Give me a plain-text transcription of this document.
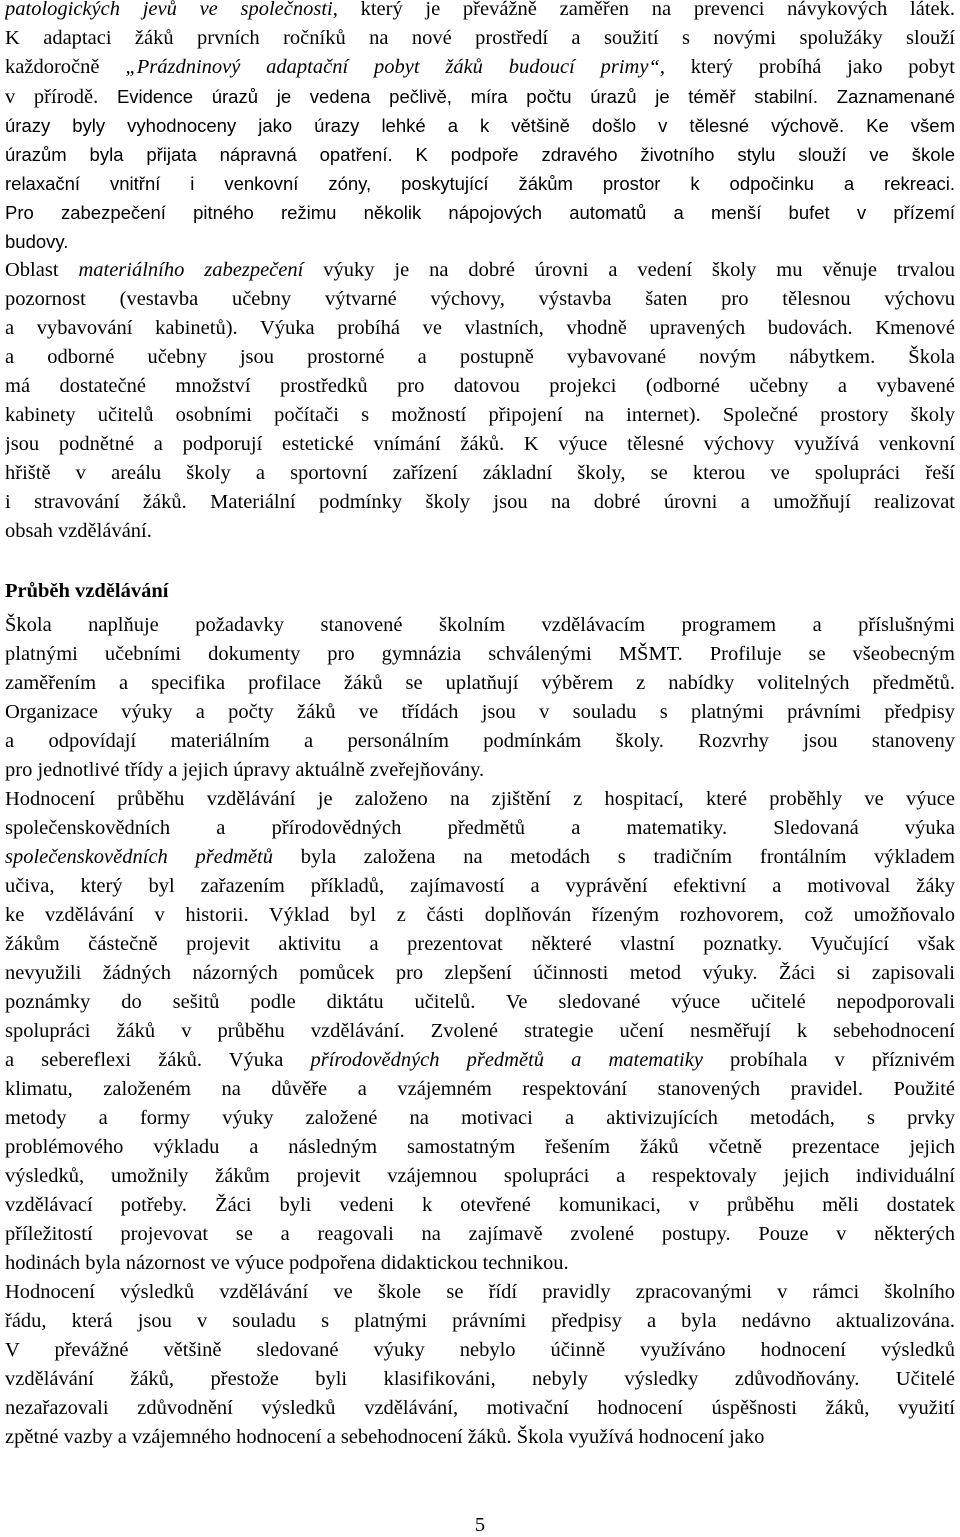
patologických jevů ve společnosti, který je převážně zaměřen na prevenci návykových látek.
K adaptaci žáků prvních ročníků na nové prostředí a soužití s novými spolužáky slouží
každoročně „Prázdninový adaptační pobyt žáků budoucí primy“, který probíhá jako pobyt
v přírodě. Evidence úrazů je vedena pečlivě, míra počtu úrazů je téměř stabilní. Zaznamenané
úrazy byly vyhodnoceny jako úrazy lehké a k většině došlo v tělesné výchově. Ke všem
úrazům byla přijata nápravná opatření. K podpoře zdravého životního stylu slouží ve škole
relaxační vnitřní i venkovní zóny, poskytující žákům prostor k odpočinku a rekreaci.
Pro zabezpečení pitného režimu několik nápojových automatů a menší bufet v přízemí
budovy.
Oblast materiálního zabezpečení výuky je na dobré úrovni a vedení školy mu věnuje trvalou
pozornost (vestavba učebny výtvarné výchovy, výstavba šaten pro tělesnou výchovu
a vybavování kabinetů). Výuka probíhá ve vlastních, vhodně upravených budovách. Kmenové
a odborné učebny jsou prostorné a postupně vybavované novým nábytkem. Škola
má dostatečné množství prostředků pro datovou projekci (odborné učebny a vybavené
kabinety učitelů osobními počítači s možností připojení na internet). Společné prostory školy
jsou podnětné a podporují estetické vnímání žáků. K výuce tělesné výchovy využívá venkovní
hřiště v areálu školy a sportovní zařízení základní školy, se kterou ve spolupráci řeší
i stravování žáků. Materiální podmínky školy jsou na dobré úrovni a umožňují realizovat
obsah vzdělávání.
Průběh vzdělávání
Škola naplňuje požadavky stanovené školním vzdělávacím programem a příslušnými
platnými učebními dokumenty pro gymnázia schválenými MŠMT. Profiluje se všeobecným
zaměřením a specifika profilace žáků se uplatňují výběrem z nabídky volitelných předmětů.
Organizace výuky a počty žáků ve třídách jsou v souladu s platnými právními předpisy
a odpovídají materiálním a personálním podmínkám školy. Rozvrhy jsou stanoveny
pro jednotlivé třídy a jejich úpravy aktuálně zveřejňovány.
Hodnocení průběhu vzdělávání je založeno na zjištění z hospitací, které proběhly ve výuce
společenskovědních a přírodovědných předmětů a matematiky. Sledovaná výuka
společenskovědních předmětů byla založena na metodách s tradičním frontálním výkladem
učiva, který byl zařazením příkladů, zajímavostí a vyprávění efektivní a motivoval žáky
ke vzdělávání v historii. Výklad byl z části doplňován řízeným rozhovorem, což umožňovalo
žákům částečně projevit aktivitu a prezentovat některé vlastní poznatky. Vyučující však
nevyužili žádných názorných pomůcek pro zlepšení účinnosti metod výuky. Žáci si zapisovali
poznámky do sešitů podle diktátu učitelů. Ve sledované výuce učitelé nepodporovali
spolupráci žáků v průběhu vzdělávání. Zvolené strategie učení nesměřují k sebehodnocení
a sebereflexi žáků. Výuka přírodovědných předmětů a matematiky probíhala v příznivém
klimatu, založeném na důvěře a vzájemném respektování stanovených pravidel. Použité
metody a formy výuky založené na motivaci a aktivizujících metodách, s prvky
problémového výkladu a následným samostatným řešením žáků včetně prezentace jejich
výsledků, umožnily žákům projevit vzájemnou spolupráci a respektovaly jejich individuální
vzdělávací potřeby. Žáci byli vedeni k otevřené komunikaci, v průběhu měli dostatek
příležitostí projevovat se a reagovali na zajímavě zvolené postupy. Pouze v některých
hodinách byla názornost ve výuce podpořena didaktickou technikou.
Hodnocení výsledků vzdělávání ve škole se řídí pravidly zpracovanými v rámci školního
řádu, která jsou v souladu s platnými právními předpisy a byla nedávno aktualizována.
V převážné většině sledované výuky nebylo účinně využíváno hodnocení výsledků
vzdělávání žáků, přestože byli klasifikováni, nebyly výsledky zdůvodňovány. Učitelé
nezařazovali zdůvodnění výsledků vzdělávání, motivační hodnocení úspěšnosti žáků, využití
zpětné vazby a vzájemného hodnocení a sebehodnocení žáků. Škola využívá hodnocení jako
5
